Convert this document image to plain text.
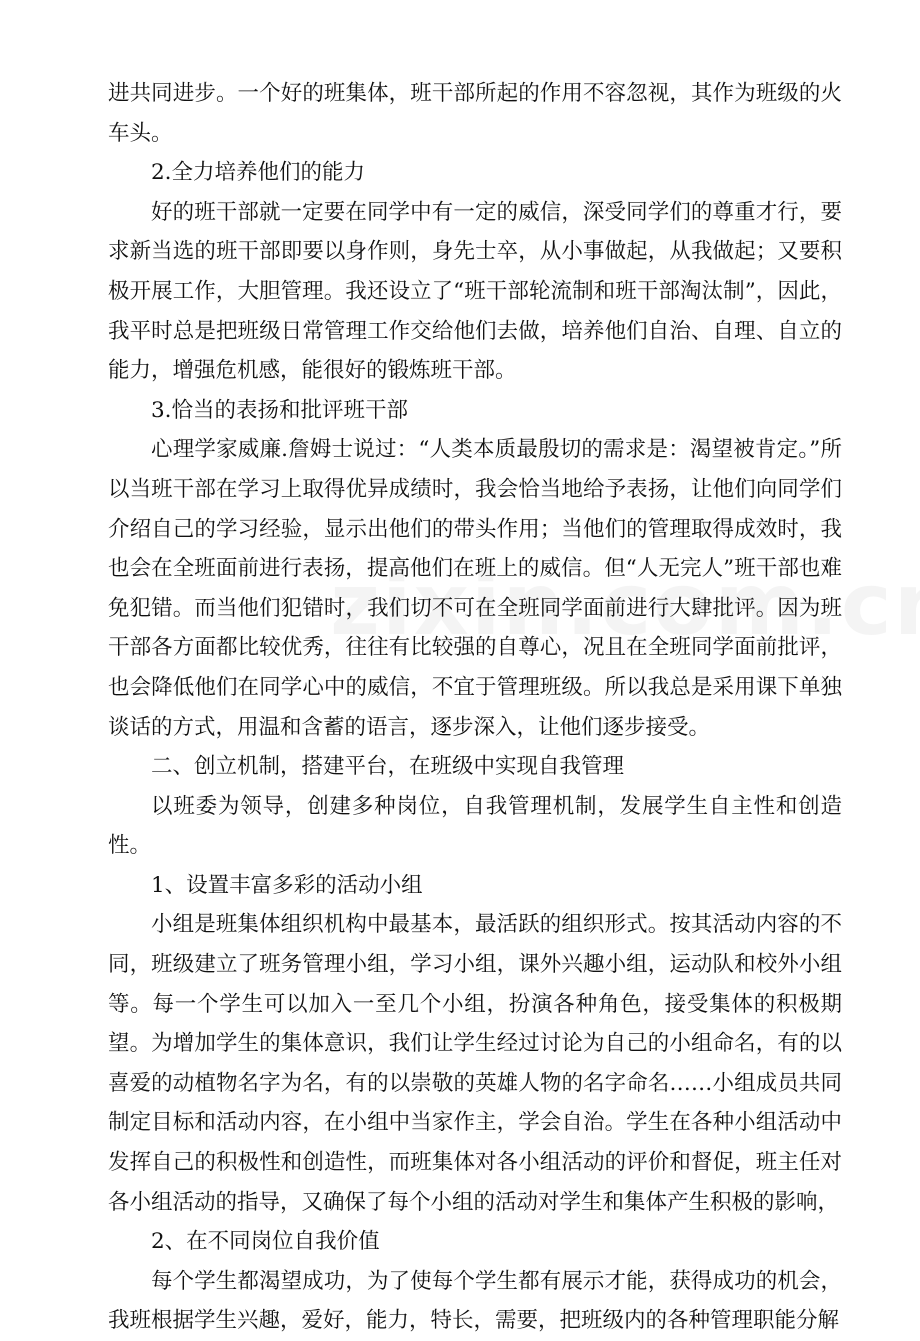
进共同进步。一个好的班集体，班干部所起的作用不容忽视，其作为班级的火车头。

2.全力培养他们的能力

好的班干部就一定要在同学中有一定的威信，深受同学们的尊重才行，要求新当选的班干部即要以身作则，身先士卒，从小事做起，从我做起；又要积极开展工作，大胆管理。我还设立了“班干部轮流制和班干部淘汰制”，因此，我平时总是把班级日常管理工作交给他们去做，培养他们自治、自理、自立的能力，增强危机感，能很好的锻炼班干部。

3.恰当的表扬和批评班干部

心理学家威廉.詹姆士说过：“人类本质最殷切的需求是：渴望被肯定。”所以当班干部在学习上取得优异成绩时，我会恰当地给予表扬，让他们向同学们介绍自己的学习经验，显示出他们的带头作用；当他们的管理取得成效时，我也会在全班面前进行表扬，提高他们在班上的威信。但“人无完人”班干部也难免犯错。而当他们犯错时，我们切不可在全班同学面前进行大肆批评。因为班干部各方面都比较优秀，往往有比较强的自尊心，况且在全班同学面前批评，也会降低他们在同学心中的威信，不宜于管理班级。所以我总是采用课下单独谈话的方式，用温和含蓄的语言，逐步深入，让他们逐步接受。

二、创立机制，搭建平台，在班级中实现自我管理

以班委为领导，创建多种岗位，自我管理机制，发展学生自主性和创造性。

1、设置丰富多彩的活动小组

小组是班集体组织机构中最基本，最活跃的组织形式。按其活动内容的不同，班级建立了班务管理小组，学习小组，课外兴趣小组，运动队和校外小组等。每一个学生可以加入一至几个小组，扮演各种角色，接受集体的积极期望。为增加学生的集体意识，我们让学生经过讨论为自己的小组命名，有的以喜爱的动植物名字为名，有的以崇敬的英雄人物的名字命名……小组成员共同制定目标和活动内容，在小组中当家作主，学会自治。学生在各种小组活动中发挥自己的积极性和创造性，而班集体对各小组活动的评价和督促，班主任对各小组活动的指导，又确保了每个小组的活动对学生和集体产生积极的影响，

2、在不同岗位自我价值

每个学生都渴望成功，为了使每个学生都有展示才能，获得成功的机会，我班根据学生兴趣，爱好，能力，特长，需要，把班级内的各种管理职能分解
